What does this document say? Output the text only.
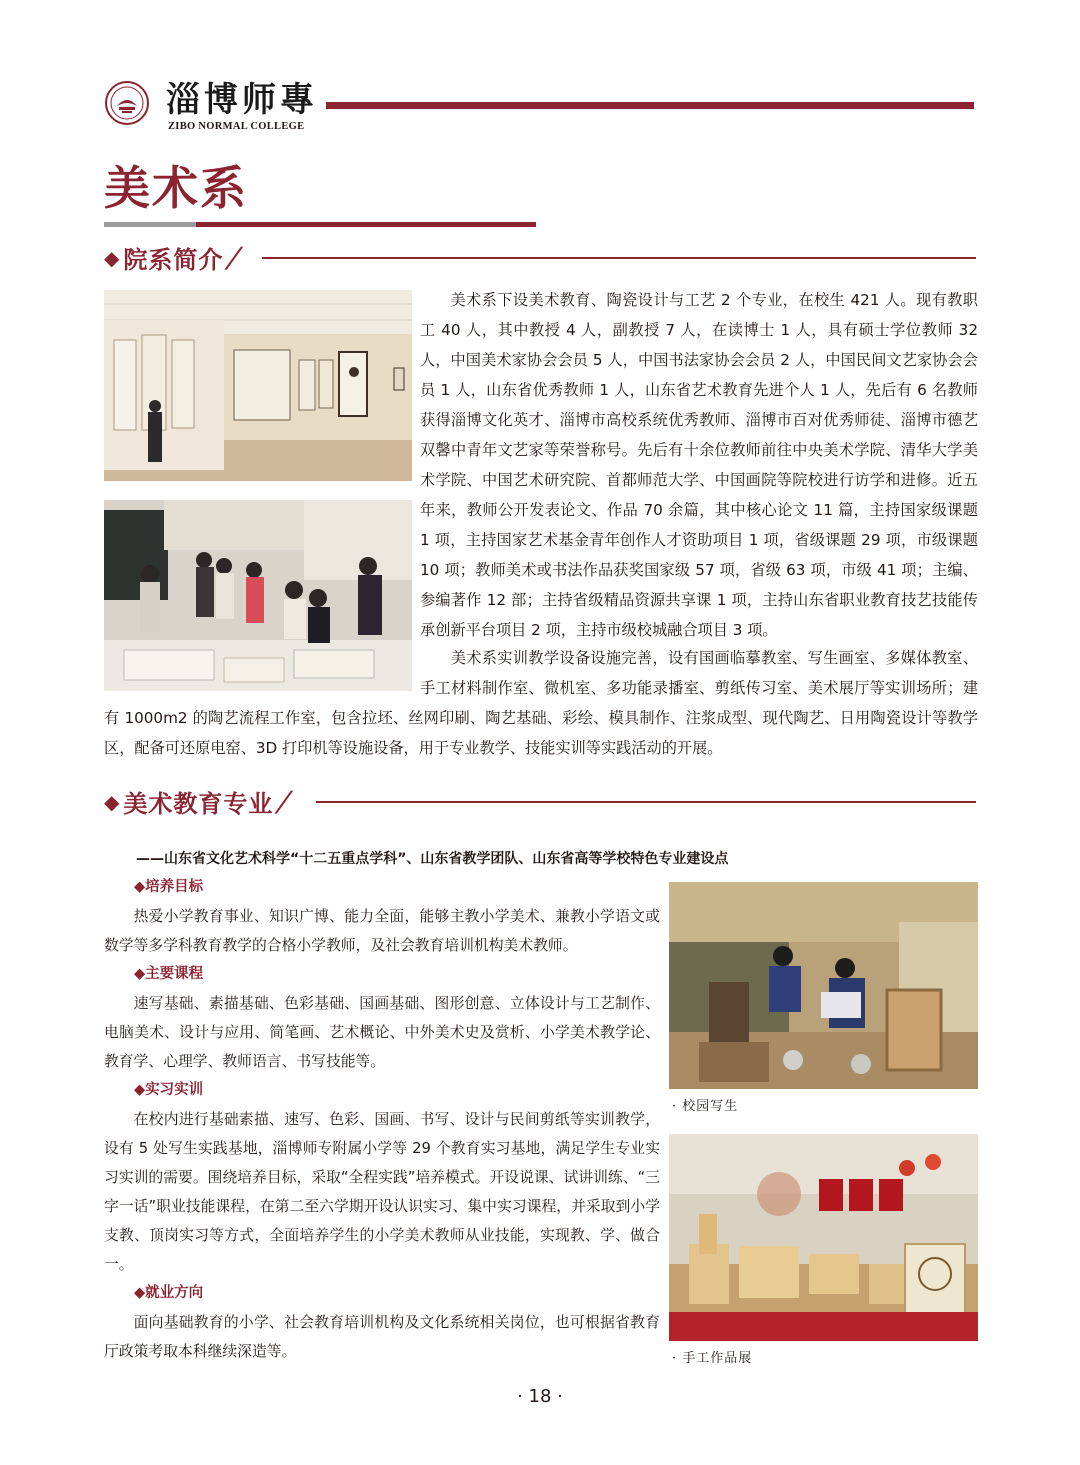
淄博师專
ZIBO NORMAL COLLEGE
美术系
◆ 院系简介 /

美术系下设美术教育、陶瓷设计与工艺 2 个专业，在校生 421 人。现有教职工 40 人，其中教授 4 人，副教授 7 人，在读博士 1 人，具有硕士学位教师 32 人，中国美术家协会会员 5 人，中国书法家协会会员 2 人，中国民间文艺家协会会员 1 人，山东省优秀教师 1 人，山东省艺术教育先进个人 1 人，先后有 6 名教师获得淄博文化英才、淄博市高校系统优秀教师、淄博市百对优秀师徒、淄博市德艺双馨中青年文艺家等荣誉称号。先后有十余位教师前往中央美术学院、清华大学美术学院、中国艺术研究院、首都师范大学、中国画院等院校进行访学和进修。近五年来，教师公开发表论文、作品 70 余篇，其中核心论文 11 篇，主持国家级课题 1 项，主持国家艺术基金青年创作人才资助项目 1 项，省级课题 29 项，市级课题 10 项；教师美术或书法作品获奖国家级 57 项，省级 63 项，市级 41 项；主编、参编著作 12 部；主持省级精品资源共享课 1 项，主持山东省职业教育技艺技能传承创新平台项目 2 项，主持市级校城融合项目 3 项。

美术系实训教学设备设施完善，设有国画临摹教室、写生画室、多媒体教室、手工材料制作室、微机室、多功能录播室、剪纸传习室、美术展厅等实训场所；建有 1000m2 的陶艺流程工作室，包含拉坯、丝网印刷、陶艺基础、彩绘、模具制作、注浆成型、现代陶艺、日用陶瓷设计等教学区，配备可还原电窑、3D 打印机等设施设备，用于专业教学、技能实训等实践活动的开展。

◆ 美术教育专业 /
——山东省文化艺术科学“十二五重点学科”、山东省教学团队、山东省高等学校特色专业建设点
◆培养目标

热爱小学教育事业、知识广博、能力全面，能够主教小学美术、兼教小学语文或数学等多学科教育教学的合格小学教师，及社会教育培训机构美术教师。

◆主要课程

速写基础、素描基础、色彩基础、国画基础、图形创意、立体设计与工艺制作、电脑美术、设计与应用、简笔画、艺术概论、中外美术史及赏析、小学美术教学论、教育学、心理学、教师语言、书写技能等。

◆实习实训

在校内进行基础素描、速写、色彩、国画、书写、设计与民间剪纸等实训教学，设有 5 处写生实践基地，淄博师专附属小学等 29 个教育实习基地，满足学生专业实习实训的需要。围绕培养目标，采取“全程实践”培养模式。开设说课、试讲训练、“三字一话”职业技能课程，在第二至六学期开设认识实习、集中实习课程，并采取到小学支教、顶岗实习等方式，全面培养学生的小学美术教师从业技能，实现教、学、做合一。

◆就业方向

面向基础教育的小学、社会教育培训机构及文化系统相关岗位，也可根据省教育厅政策考取本科继续深造等。

· 校园写生
· 手工作品展
· 18 ·
